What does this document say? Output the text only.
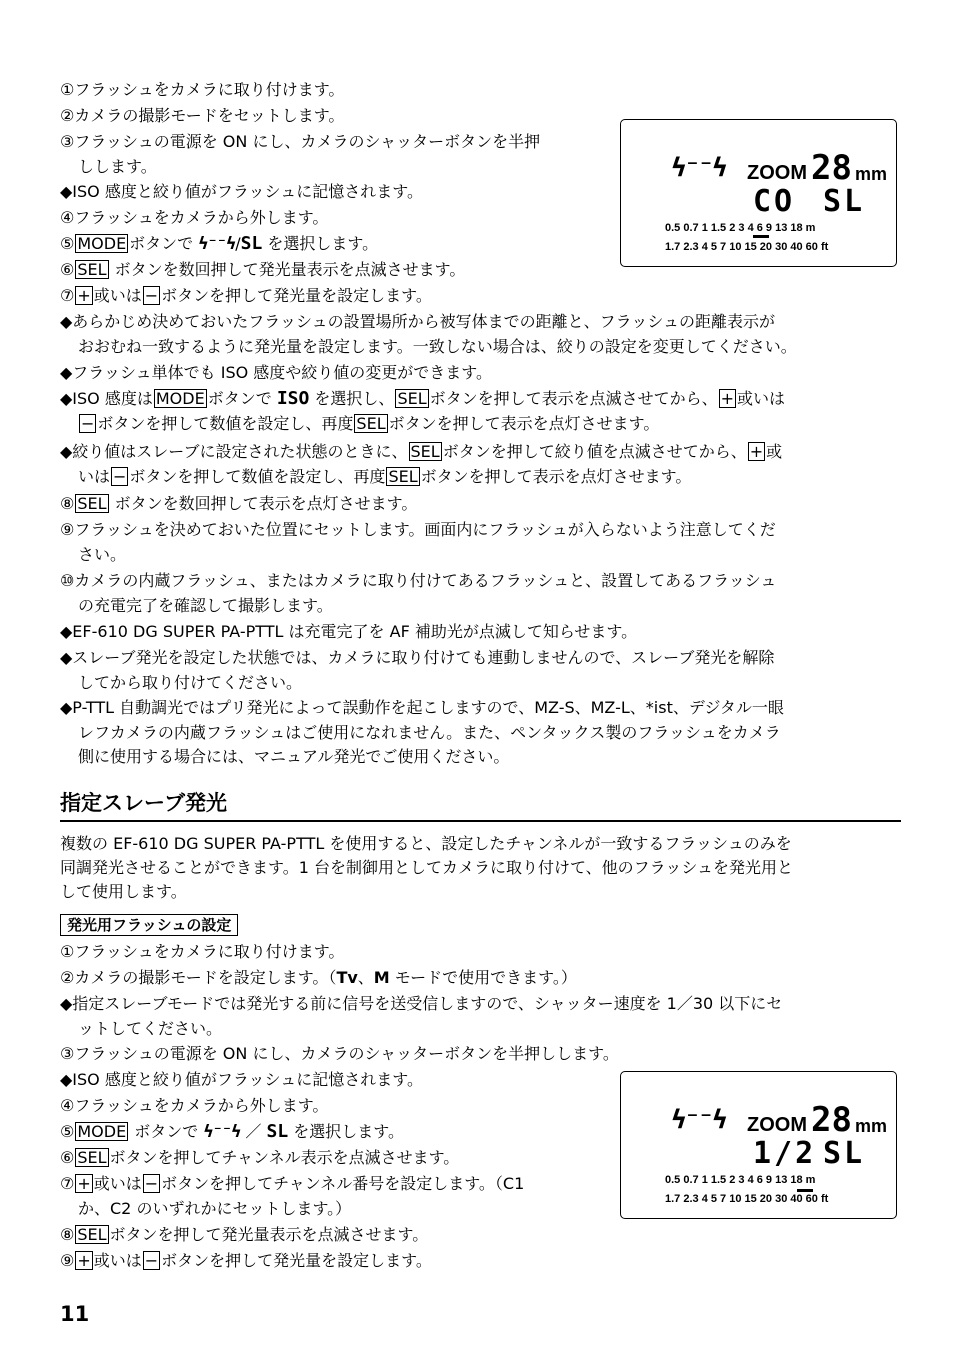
①フラッシュをカメラに取り付けます。
②カメラの撮影モードをセットします。
③フラッシュの電源を ON にし、カメラのシャッターボタンを半押
しします。
◆ISO 感度と絞り値がフラッシュに記憶されます。
④フラッシュをカメラから外します。
⑤ MODE ボタンで ϟ⁻⁻ϟ/SL を選択します。
⑥ SEL ボタンを数回押して発光量表示を点滅させます。
⑦ + 或いは − ボタンを押して発光量を設定します。
◆あらかじめ決めておいたフラッシュの設置場所から被写体までの距離と、フラッシュの距離表示が
おおむね一致するように発光量を設定します。一致しない場合は、絞りの設定を変更してください。
◆フラッシュ単体でも ISO 感度や絞り値の変更ができます。
◆ISO 感度は MODE ボタンで ISO を選択し、 SEL ボタンを押して表示を点滅させてから、 + 或いは
− ボタンを押して数値を設定し、再度 SEL ボタンを押して表示を点灯させます。
◆絞り値はスレーブに設定された状態のときに、 SEL ボタンを押して絞り値を点滅させてから、 + 或
いは − ボタンを押して数値を設定し、再度 SEL ボタンを押して表示を点灯させます。
⑧ SEL ボタンを数回押して表示を点灯させます。
⑨フラッシュを決めておいた位置にセットします。画面内にフラッシュが入らないよう注意してくだ
さい。
⑩カメラの内蔵フラッシュ、またはカメラに取り付けてあるフラッシュと、設置してあるフラッシュ
の充電完了を確認して撮影します。
◆EF-610 DG SUPER PA-PTTL は充電完了を AF 補助光が点滅して知らせます。
◆スレーブ発光を設定した状態では、カメラに取り付けても連動しませんので、スレーブ発光を解除
してから取り付けてください。
◆P-TTL 自動調光ではプリ発光によって誤動作を起こしますので、MZ-S、MZ-L、*ist、デジタル一眼
レフカメラの内蔵フラッシュはご使用になれません。また、ペンタックス製のフラッシュをカメラ
側に使用する場合には、マニュアル発光でご使用ください。
ϟ⁻⁻ϟ ZOOM 28 mm
CO SL
0.5 0.7 1 1.5 2 3 4 6 9 13 18 m
1.7 2.3 4 5 7 10 15 20 30 40 60 ft
指定スレーブ発光
複数の EF-610 DG SUPER PA-PTTL を使用すると、設定したチャンネルが一致するフラッシュのみを
同調発光させることができます。1 台を制御用としてカメラに取り付けて、他のフラッシュを発光用と
して使用します。
発光用フラッシュの設定
①フラッシュをカメラに取り付けます。
②カメラの撮影モードを設定します。（Tv、M モードで使用できます。）
◆指定スレーブモードでは発光する前に信号を送受信しますので、シャッター速度を 1／30 以下にセ
ットしてください。
③フラッシュの電源を ON にし、カメラのシャッターボタンを半押しします。
◆ISO 感度と絞り値がフラッシュに記憶されます。
④フラッシュをカメラから外します。
⑤ MODE ボタンで ϟ⁻⁻ϟ ／ SL を選択します。
⑥ SEL ボタンを押してチャンネル表示を点滅させます。
⑦ + 或いは − ボタンを押してチャンネル番号を設定します。（C1
か、C2 のいずれかにセットします。）
⑧ SEL ボタンを押して発光量表示を点滅させます。
⑨ + 或いは − ボタンを押して発光量を設定します。
ϟ⁻⁻ϟ ZOOM 28 mm
1/2 SL
0.5 0.7 1 1.5 2 3 4 6 9 13 18 m
1.7 2.3 4 5 7 10 15 20 30 40 60 ft
11
